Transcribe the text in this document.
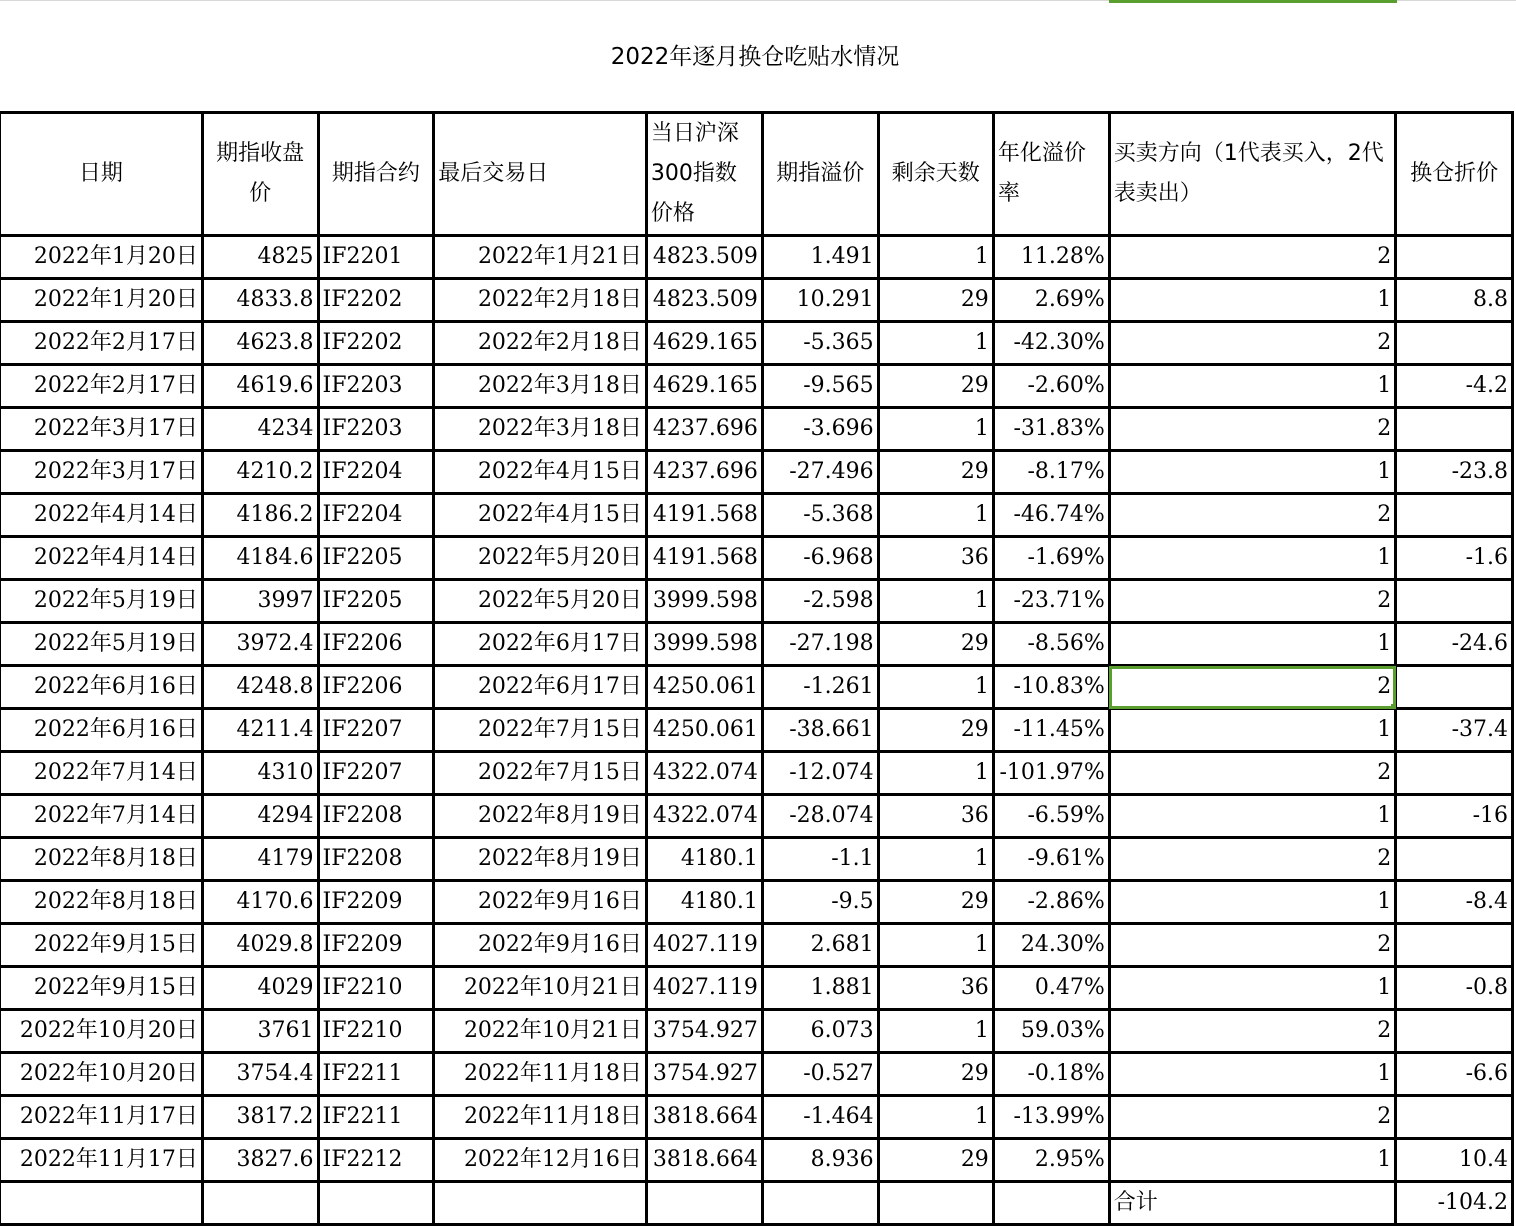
2022年逐月换仓吃贴水情况
日期	期指收盘价	期指合约	最后交易日	当日沪深300指数价格	期指溢价	剩余天数	年化溢价率	买卖方向（1代表买入，2代表卖出）	换仓折价
2022年1月20日	4825	IF2201	2022年1月21日	4823.509	1.491	1	11.28%	2	
2022年1月20日	4833.8	IF2202	2022年2月18日	4823.509	10.291	29	2.69%	1	8.8
2022年2月17日	4623.8	IF2202	2022年2月18日	4629.165	-5.365	1	-42.30%	2	
2022年2月17日	4619.6	IF2203	2022年3月18日	4629.165	-9.565	29	-2.60%	1	-4.2
2022年3月17日	4234	IF2203	2022年3月18日	4237.696	-3.696	1	-31.83%	2	
2022年3月17日	4210.2	IF2204	2022年4月15日	4237.696	-27.496	29	-8.17%	1	-23.8
2022年4月14日	4186.2	IF2204	2022年4月15日	4191.568	-5.368	1	-46.74%	2	
2022年4月14日	4184.6	IF2205	2022年5月20日	4191.568	-6.968	36	-1.69%	1	-1.6
2022年5月19日	3997	IF2205	2022年5月20日	3999.598	-2.598	1	-23.71%	2	
2022年5月19日	3972.4	IF2206	2022年6月17日	3999.598	-27.198	29	-8.56%	1	-24.6
2022年6月16日	4248.8	IF2206	2022年6月17日	4250.061	-1.261	1	-10.83%	2

2022年6月16日	4211.4	IF2207	2022年7月15日	4250.061	-38.661	29	-11.45%	1	-37.4
2022年7月14日	4310	IF2207	2022年7月15日	4322.074	-12.074	1	-101.97%	2	
2022年7月14日	4294	IF2208	2022年8月19日	4322.074	-28.074	36	-6.59%	1	-16
2022年8月18日	4179	IF2208	2022年8月19日	4180.1	-1.1	1	-9.61%	2	
2022年8月18日	4170.6	IF2209	2022年9月16日	4180.1	-9.5	29	-2.86%	1	-8.4
2022年9月15日	4029.8	IF2209	2022年9月16日	4027.119	2.681	1	24.30%	2	
2022年9月15日	4029	IF2210	2022年10月21日	4027.119	1.881	36	0.47%	1	-0.8
2022年10月20日	3761	IF2210	2022年10月21日	3754.927	6.073	1	59.03%	2	
2022年10月20日	3754.4	IF2211	2022年11月18日	3754.927	-0.527	29	-0.18%	1	-6.6
2022年11月17日	3817.2	IF2211	2022年11月18日	3818.664	-1.464	1	-13.99%	2	
2022年11月17日	3827.6	IF2212	2022年12月16日	3818.664	8.936	29	2.95%	1	10.4
								合计	-104.2
